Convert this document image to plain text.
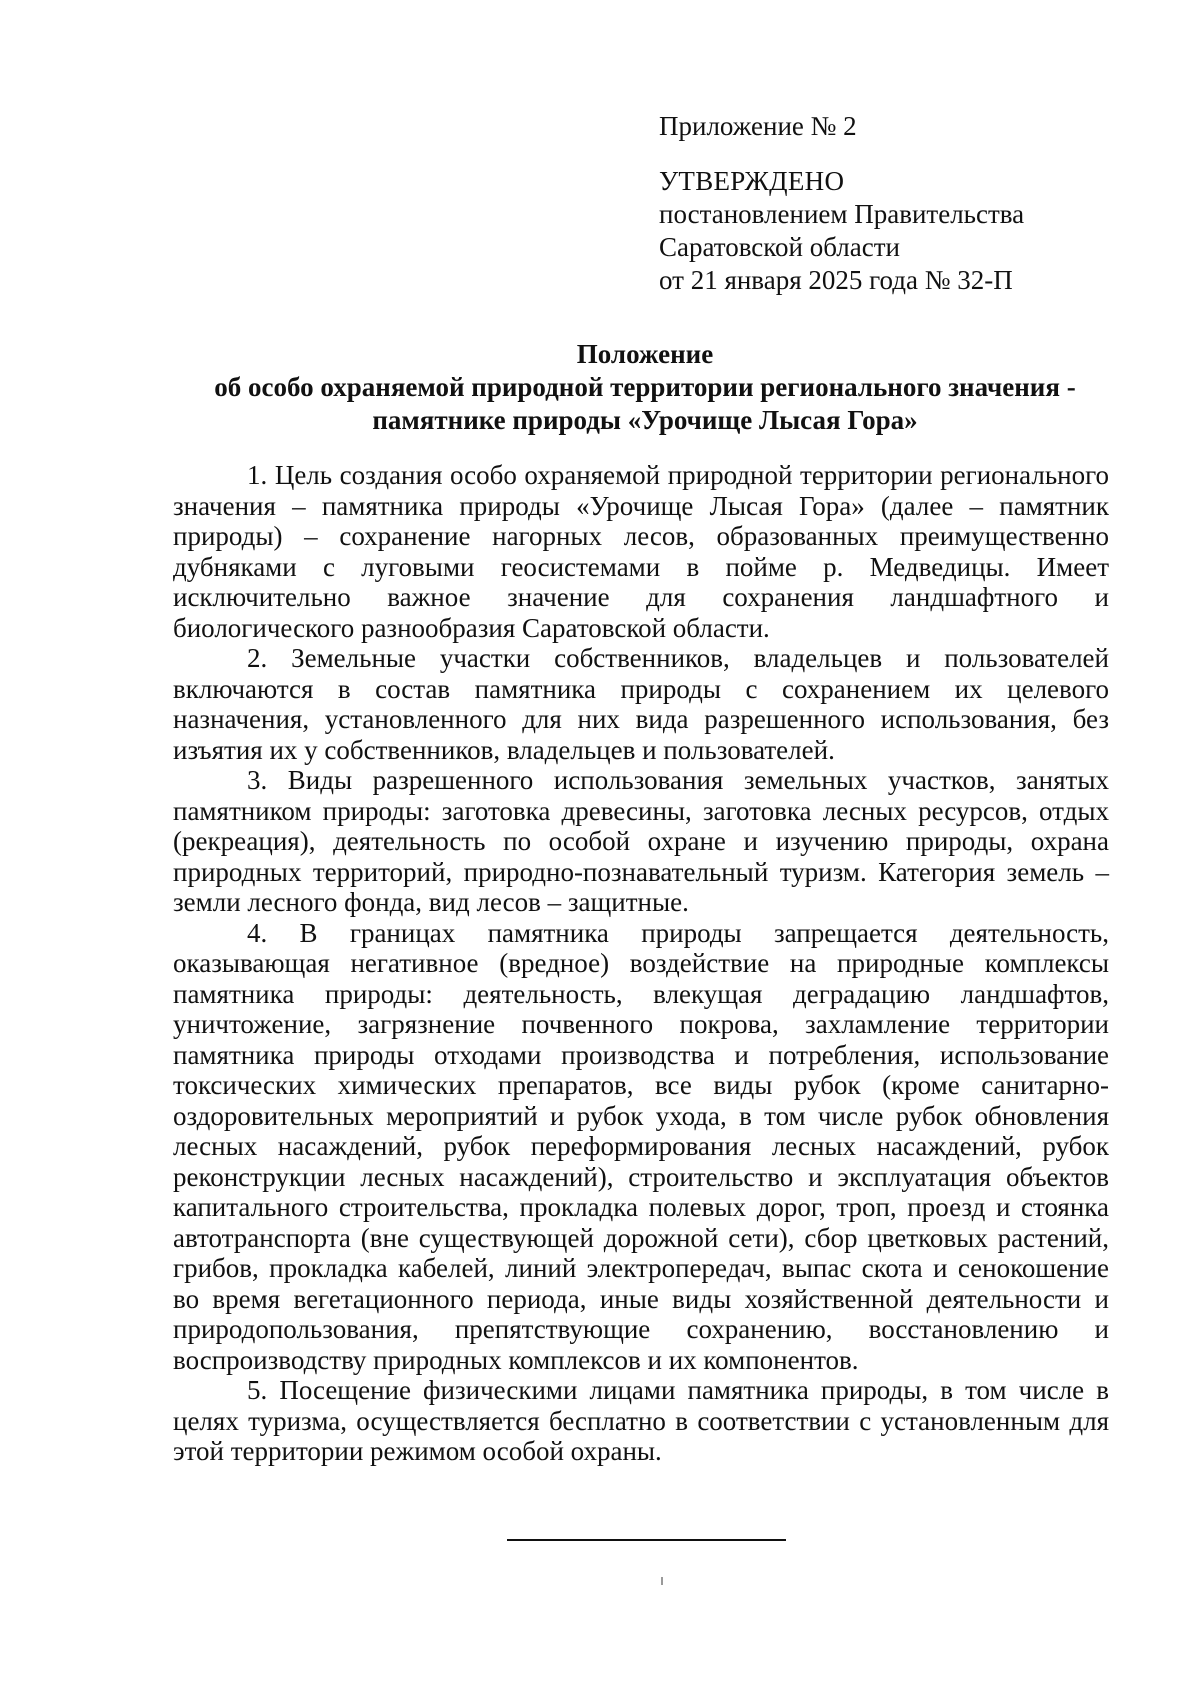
Приложение № 2
УТВЕРЖДЕНО
постановлением Правительства
Саратовской области
от 21 января 2025 года № 32-П
Положение
об особо охраняемой природной территории регионального значения -
памятнике природы «Урочище Лысая Гора»

1. Цель создания особо охраняемой природной территории регионального значения – памятника природы «Урочище Лысая Гора» (далее – памятник природы) – сохранение нагорных лесов, образованных преимущественно дубняками с луговыми геосистемами в пойме р. Медведицы. Имеет исключительно важное значение для сохранения ландшафтного и биологического разнообразия Саратовской области.

2. Земельные участки собственников, владельцев и пользователей включаются в состав памятника природы с сохранением их целевого назначения, установленного для них вида разрешенного использования, без изъятия их у собственников, владельцев и пользователей.

3. Виды разрешенного использования земельных участков, занятых памятником природы: заготовка древесины, заготовка лесных ресурсов, отдых (рекреация), деятельность по особой охране и изучению природы, охрана природных территорий, природно-познавательный туризм. Категория земель – земли лесного фонда, вид лесов – защитные.

4. В границах памятника природы запрещается деятельность, оказывающая негативное (вредное) воздействие на природные комплексы памятника природы: деятельность, влекущая деградацию ландшафтов, уничтожение, загрязнение почвенного покрова, захламление территории памятника природы отходами производства и потребления, использование токсических химических препаратов, все виды рубок (кроме санитарно-оздоровительных мероприятий и рубок ухода, в том числе рубок обновления лесных насаждений, рубок переформирования лесных насаждений, рубок реконструкции лесных насаждений), строительство и эксплуатация объектов капитального строительства, прокладка полевых дорог, троп, проезд и стоянка автотранспорта (вне существующей дорожной сети), сбор цветковых растений, грибов, прокладка кабелей, линий электропередач, выпас скота и сенокошение во время вегетационного периода, иные виды хозяйственной деятельности и природопользования, препятствующие сохранению, восстановлению и воспроизводству природных комплексов и их компонентов.

5. Посещение физическими лицами памятника природы, в том числе в целях туризма, осуществляется бесплатно в соответствии с установленным для этой территории режимом особой охраны.
